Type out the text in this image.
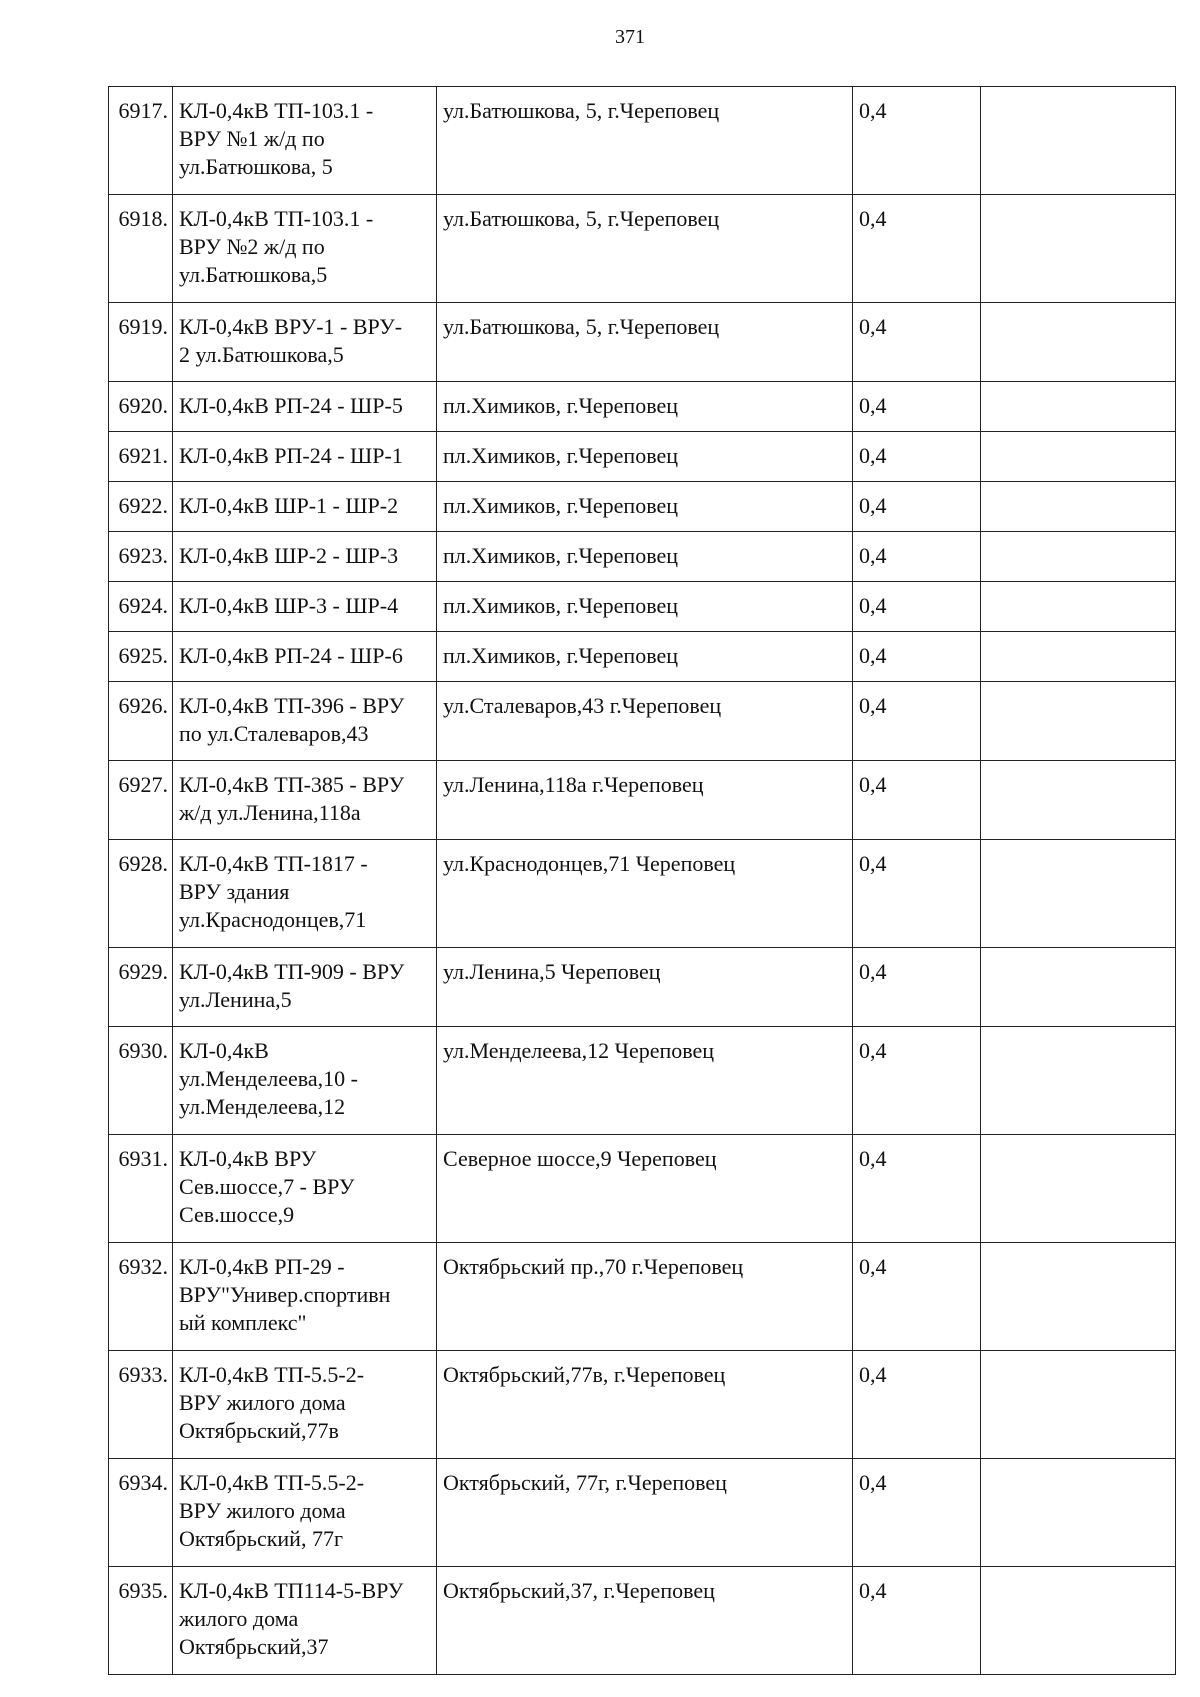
371
6917.	КЛ-0,4кВ ТП-103.1 -
ВРУ №1 ж/д по
ул.Батюшкова, 5	ул.Батюшкова, 5, г.Череповец	0,4	
6918.	КЛ-0,4кВ ТП-103.1 -
ВРУ №2 ж/д по
ул.Батюшкова,5	ул.Батюшкова, 5, г.Череповец	0,4	
6919.	КЛ-0,4кВ ВРУ-1 - ВРУ-
2 ул.Батюшкова,5	ул.Батюшкова, 5, г.Череповец	0,4	
6920.	КЛ-0,4кВ РП-24 - ШР-5	пл.Химиков, г.Череповец	0,4	
6921.	КЛ-0,4кВ РП-24 - ШР-1	пл.Химиков, г.Череповец	0,4	
6922.	КЛ-0,4кВ ШР-1 - ШР-2	пл.Химиков, г.Череповец	0,4	
6923.	КЛ-0,4кВ ШР-2 - ШР-3	пл.Химиков, г.Череповец	0,4	
6924.	КЛ-0,4кВ ШР-3 - ШР-4	пл.Химиков, г.Череповец	0,4	
6925.	КЛ-0,4кВ РП-24 - ШР-6	пл.Химиков, г.Череповец	0,4	
6926.	КЛ-0,4кВ ТП-396 - ВРУ
по ул.Сталеваров,43	ул.Сталеваров,43 г.Череповец	0,4	
6927.	КЛ-0,4кВ ТП-385 - ВРУ
ж/д ул.Ленина,118а	ул.Ленина,118а г.Череповец	0,4	
6928.	КЛ-0,4кВ ТП-1817 -
ВРУ здания
ул.Краснодонцев,71	ул.Краснодонцев,71 Череповец	0,4	
6929.	КЛ-0,4кВ ТП-909 - ВРУ
ул.Ленина,5	ул.Ленина,5 Череповец	0,4	
6930.	КЛ-0,4кВ
ул.Менделеева,10 -
ул.Менделеева,12	ул.Менделеева,12 Череповец	0,4	
6931.	КЛ-0,4кВ ВРУ
Сев.шоссе,7 - ВРУ
Сев.шоссе,9	Северное шоссе,9 Череповец	0,4	
6932.	КЛ-0,4кВ РП-29 -
ВРУ"Универ.спортивн
ый комплекс"	Октябрьский пр.,70 г.Череповец	0,4	
6933.	КЛ-0,4кВ ТП-5.5-2-
ВРУ жилого дома
Октябрьский,77в	Октябрьский,77в, г.Череповец	0,4	
6934.	КЛ-0,4кВ ТП-5.5-2-
ВРУ жилого дома
Октябрьский, 77г	Октябрьский, 77г, г.Череповец	0,4	
6935.	КЛ-0,4кВ ТП114-5-ВРУ
жилого дома
Октябрьский,37	Октябрьский,37, г.Череповец	0,4	
